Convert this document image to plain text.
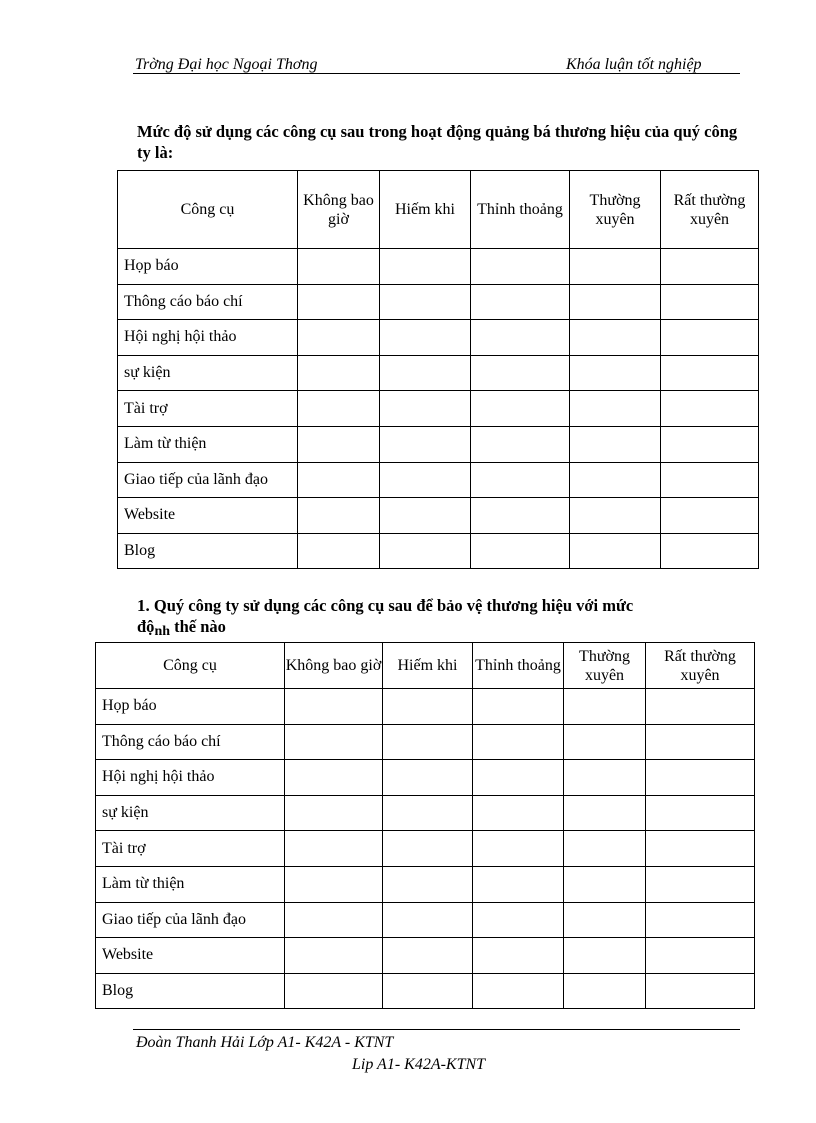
Trờng Đại học Ngoại Thơng	Khóa luận tốt nghiệp
Mức độ sử dụng các công cụ sau trong hoạt động quảng bá thương hiệu của quý công ty là:
Công cụ	Không bao giờ	Hiếm khi	Thỉnh thoảng	Thường xuyên	Rất thường xuyên
Họp báo					
Thông cáo báo chí					
Hội nghị hội thảo					
sự kiện					
Tài trợ					
Làm từ thiện					
Giao tiếp của lãnh đạo					
Website					
Blog					
1. Quý công ty sử dụng các công cụ sau để bảo vệ thương hiệu với mức
độnh thế nào
Công cụ	Không bao giờ	Hiếm khi	Thỉnh thoảng	Thường xuyên	Rất thường xuyên
Họp báo					
Thông cáo báo chí					
Hội nghị hội thảo					
sự kiện					
Tài trợ					
Làm từ thiện					
Giao tiếp của lãnh đạo					
Website					
Blog					
Đoàn Thanh Hải Lớp A1- K42A - KTNT
Lip A1- K42A-KTNT
